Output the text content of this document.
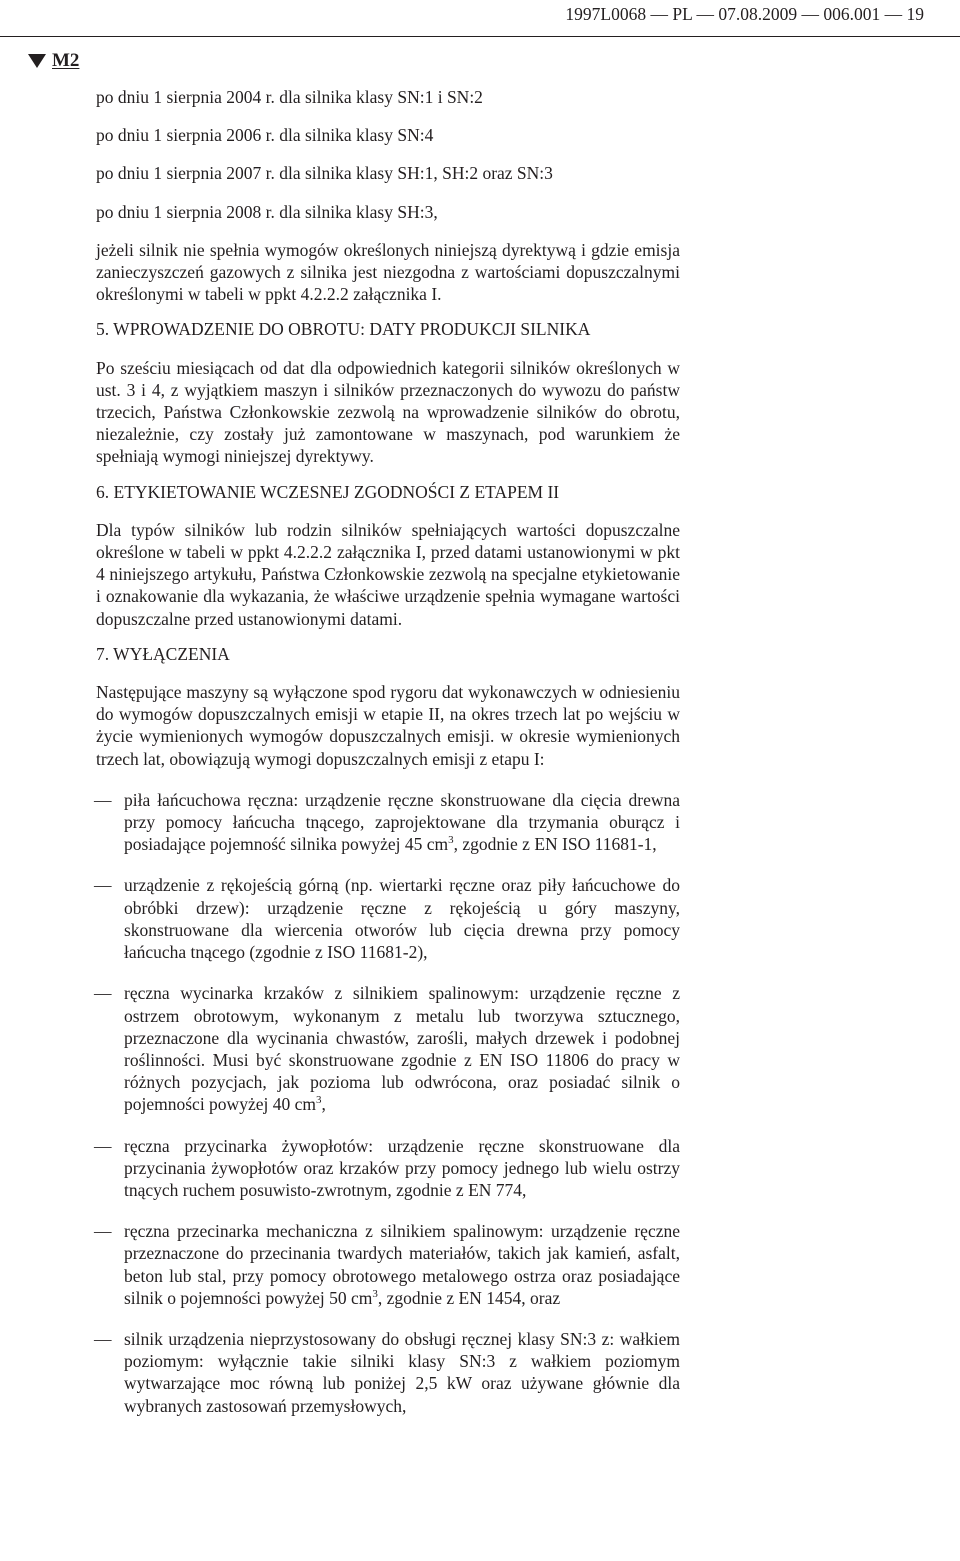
1997L0068 — PL — 07.08.2009 — 006.001 — 19
M2

po dniu 1 sierpnia 2004 r. dla silnika klasy SN:1 i SN:2

po dniu 1 sierpnia 2006 r. dla silnika klasy SN:4

po dniu 1 sierpnia 2007 r. dla silnika klasy SH:1, SH:2 oraz SN:3

po dniu 1 sierpnia 2008 r. dla silnika klasy SH:3,

jeżeli silnik nie spełnia wymogów określonych niniejszą dyrektywą i gdzie emisja zanieczyszczeń gazowych z silnika jest niezgodna z wartościami dopuszczalnymi określonymi w tabeli w ppkt 4.2.2.2 załącznika I.

5. WPROWADZENIE DO OBROTU: DATY PRODUKCJI SILNIKA

Po sześciu miesiącach od dat dla odpowiednich kategorii silników określonych w ust. 3 i 4, z wyjątkiem maszyn i silników przeznaczonych do wywozu do państw trzecich, Państwa Członkowskie zezwolą na wprowadzenie silników do obrotu, niezależnie, czy zostały już zamontowane w maszynach, pod warunkiem że spełniają wymogi niniejszej dyrektywy.

6. ETYKIETOWANIE WCZESNEJ ZGODNOŚCI Z ETAPEM II

Dla typów silników lub rodzin silników spełniających wartości dopuszczalne określone w tabeli w ppkt 4.2.2.2 załącznika I, przed datami ustanowionymi w pkt 4 niniejszego artykułu, Państwa Członkowskie zezwolą na specjalne etykietowanie i oznakowanie dla wykazania, że właściwe urządzenie spełnia wymagane wartości dopuszczalne przed ustanowionymi datami.

7. WYŁĄCZENIA

Następujące maszyny są wyłączone spod rygoru dat wykonawczych w odniesieniu do wymogów dopuszczalnych emisji w etapie II, na okres trzech lat po wejściu w życie wymienionych wymogów dopuszczalnych emisji. w okresie wymienionych trzech lat, obowiązują wymogi dopuszczalnych emisji z etapu I:

— piła łańcuchowa ręczna: urządzenie ręczne skonstruowane dla cięcia drewna przy pomocy łańcucha tnącego, zaprojektowane dla trzymania oburącz i posiadające pojemność silnika powyżej 45 $cm^3$, zgodnie z EN ISO 11681-1,
— urządzenie z rękojeścią górną (np. wiertarki ręczne oraz piły łańcuchowe do obróbki drzew): urządzenie ręczne z rękojeścią u góry maszyny, skonstruowane dla wiercenia otworów lub cięcia drewna przy pomocy łańcucha tnącego (zgodnie z ISO 11681-2),
— ręczna wycinarka krzaków z silnikiem spalinowym: urządzenie ręczne z ostrzem obrotowym, wykonanym z metalu lub tworzywa sztucznego, przeznaczone dla wycinania chwastów, zarośli, małych drzewek i podobnej roślinności. Musi być skonstruowane zgodnie z EN ISO 11806 do pracy w różnych pozycjach, jak pozioma lub odwrócona, oraz posiadać silnik o pojemności powyżej 40 $cm^3$,
— ręczna przycinarka żywopłotów: urządzenie ręczne skonstruowane dla przycinania żywopłotów oraz krzaków przy pomocy jednego lub wielu ostrzy tnących ruchem posuwisto-zwrotnym, zgodnie z EN 774,
— ręczna przecinarka mechaniczna z silnikiem spalinowym: urządzenie ręczne przeznaczone do przecinania twardych materiałów, takich jak kamień, asfalt, beton lub stal, przy pomocy obrotowego metalowego ostrza oraz posiadające silnik o pojemności powyżej 50 $cm^3$, zgodnie z EN 1454, oraz
— silnik urządzenia nieprzystosowany do obsługi ręcznej klasy SN:3 z: wałkiem poziomym: wyłącznie takie silniki klasy SN:3 z wałkiem poziomym wytwarzające moc równą lub poniżej 2,5 kW oraz używane głównie dla wybranych zastosowań przemysłowych,
